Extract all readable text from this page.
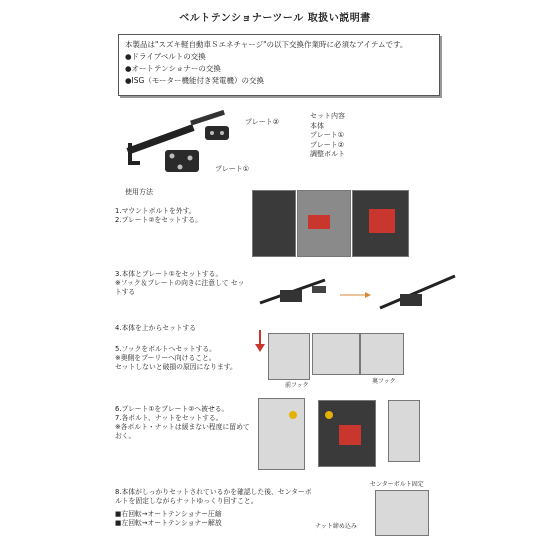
ベルトテンショナーツール 取扱い説明書
本製品は"スズキ軽自動車Ｓエネチャージ"の以下交換作業時に必須なアイテムです。
●ドライブベルトの交換
●オートテンショナーの交換
●ISG（モーター機能付き発電機）の交換
プレート②
プレート①
セット内容
本体
プレート①
プレート②
調整ボルト
使用方法
1.マウントボルトを外す。
2.プレート②をセットする。
3.本体とプレート①をセットする。
※フック＆プレートの向きに注意して セットする
4.本体を上からセットする
5.フックをボルトへセットする。
※奥側をプーリーへ向けること。
セットしないと破損の原因になります。
前フック
奥フック
6.プレート①をプレート②へ被せる。
7.各ボルト、ナットをセットする。
※各ボルト・ナットは緩まない程度に留めておく。
8.本体がしっかりセットされているかを確認した後、センターボルトを固定しながらナットゆっくり回すこと。
■右回転→オートテンショナー圧縮
■左回転→オートテンショナー解放
センターボルト固定
ナット締め込み
